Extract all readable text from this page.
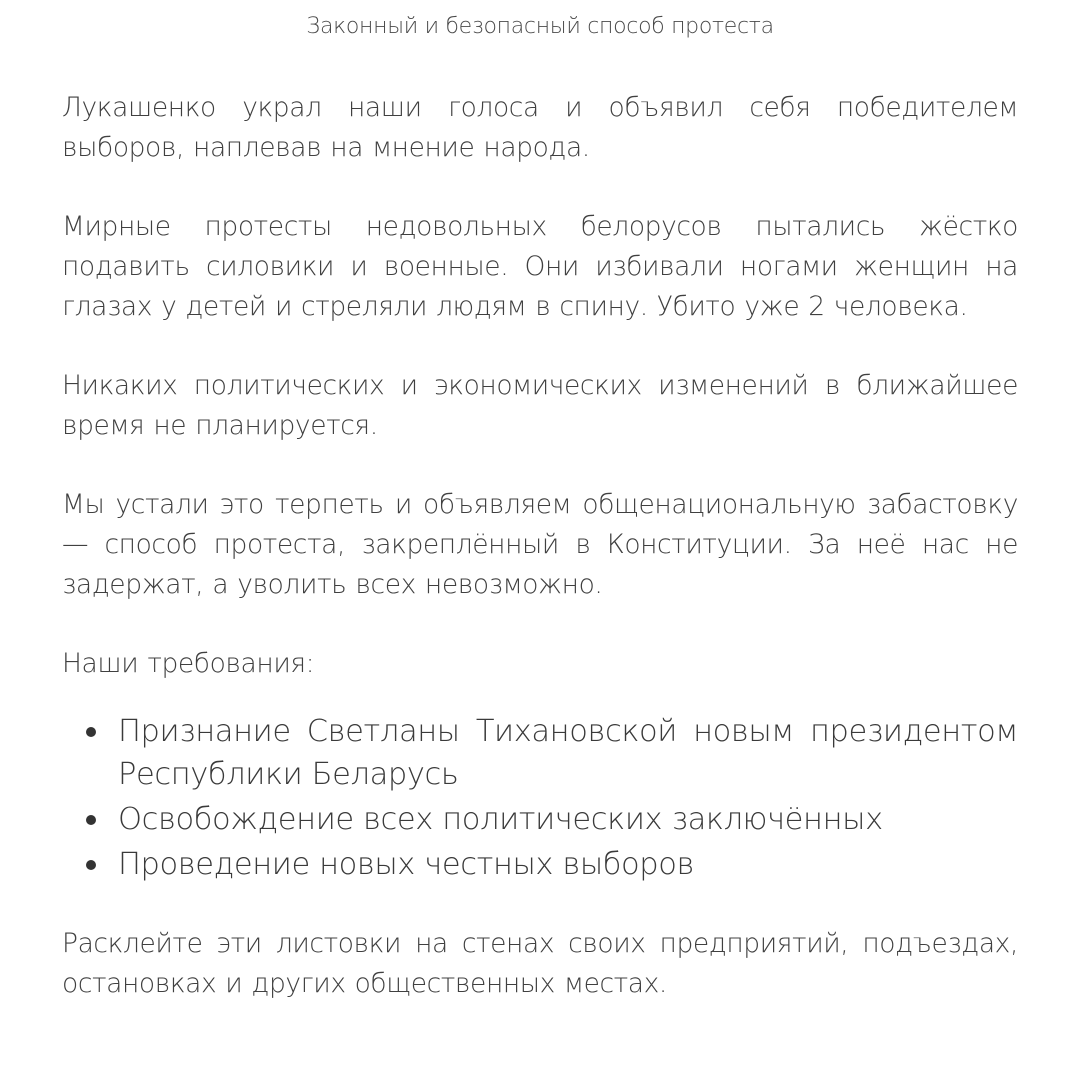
Законный и безопасный способ протеста

Лукашенко украл наши голоса и объявил себя победителем выборов, наплевав на мнение народа.

Мирные протесты недовольных белорусов пытались жёстко подавить силовики и военные. Они избивали ногами женщин на глазах у детей и стреляли людям в спину. Убито уже 2 человека.

Никаких политических и экономических изменений в ближайшее время не планируется.

Мы устали это терпеть и объявляем общенациональную забастовку — способ протеста, закреплённый в Конституции. За неё нас не задержат, а уволить всех невозможно.

Наши требования:

Признание Светланы Тихановской новым президентом Республики Беларусь
Освобождение всех политических заключённых
Проведение новых честных выборов

Расклейте эти листовки на стенах своих предприятий, подъездах, остановках и других общественных местах.
